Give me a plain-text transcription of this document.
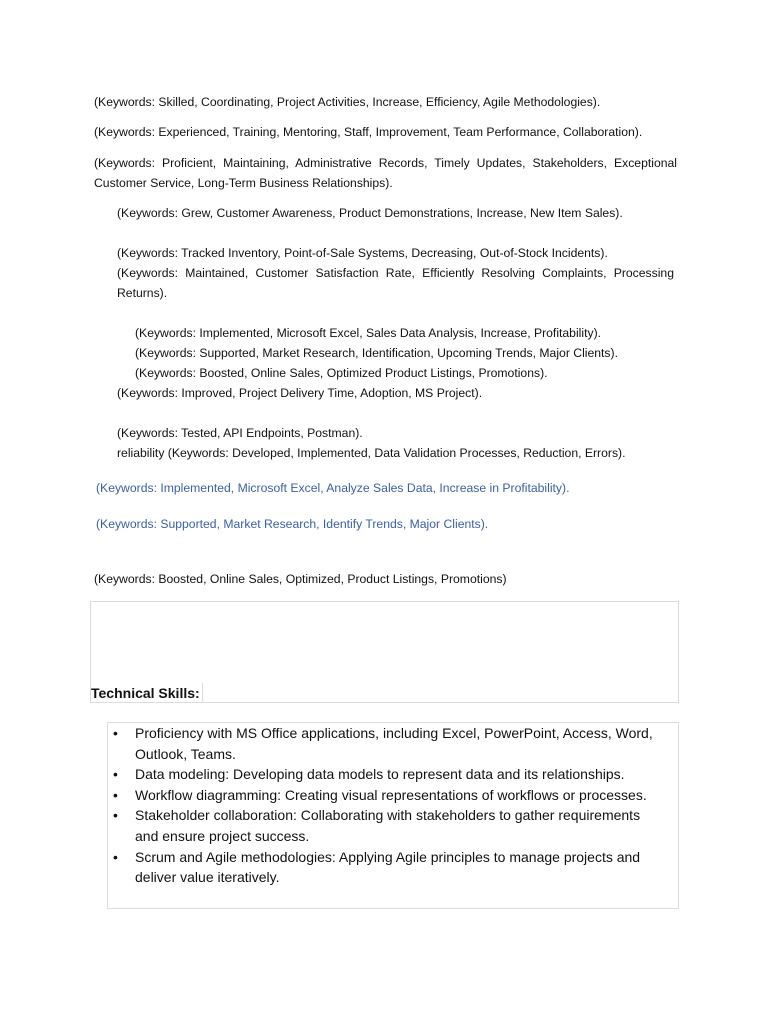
(Keywords: Skilled, Coordinating, Project Activities, Increase, Efficiency, Agile Methodologies).
(Keywords: Experienced, Training, Mentoring, Staff, Improvement, Team Performance, Collaboration).
(Keywords: Proficient, Maintaining, Administrative Records, Timely Updates, Stakeholders, Exceptional Customer Service, Long-Term Business Relationships).
(Keywords: Grew, Customer Awareness, Product Demonstrations, Increase, New Item Sales).
(Keywords: Tracked Inventory, Point-of-Sale Systems, Decreasing, Out-of-Stock Incidents).
(Keywords: Maintained, Customer Satisfaction Rate, Efficiently Resolving Complaints, Processing Returns).
(Keywords: Implemented, Microsoft Excel, Sales Data Analysis, Increase, Profitability).
(Keywords: Supported, Market Research, Identification, Upcoming Trends, Major Clients).
(Keywords: Boosted, Online Sales, Optimized Product Listings, Promotions).
(Keywords: Improved, Project Delivery Time, Adoption, MS Project).
(Keywords: Tested, API Endpoints, Postman).
reliability (Keywords: Developed, Implemented, Data Validation Processes, Reduction, Errors).
(Keywords: Implemented, Microsoft Excel, Analyze Sales Data, Increase in Profitability).
(Keywords: Supported, Market Research, Identify Trends, Major Clients).
(Keywords: Boosted, Online Sales, Optimized, Product Listings, Promotions)
Technical Skills:
• Proficiency with MS Office applications, including Excel, PowerPoint, Access, Word, Outlook, Teams.
• Data modeling: Developing data models to represent data and its relationships.
• Workflow diagramming: Creating visual representations of workflows or processes.
• Stakeholder collaboration: Collaborating with stakeholders to gather requirements and ensure project success.
• Scrum and Agile methodologies: Applying Agile principles to manage projects and deliver value iteratively.
